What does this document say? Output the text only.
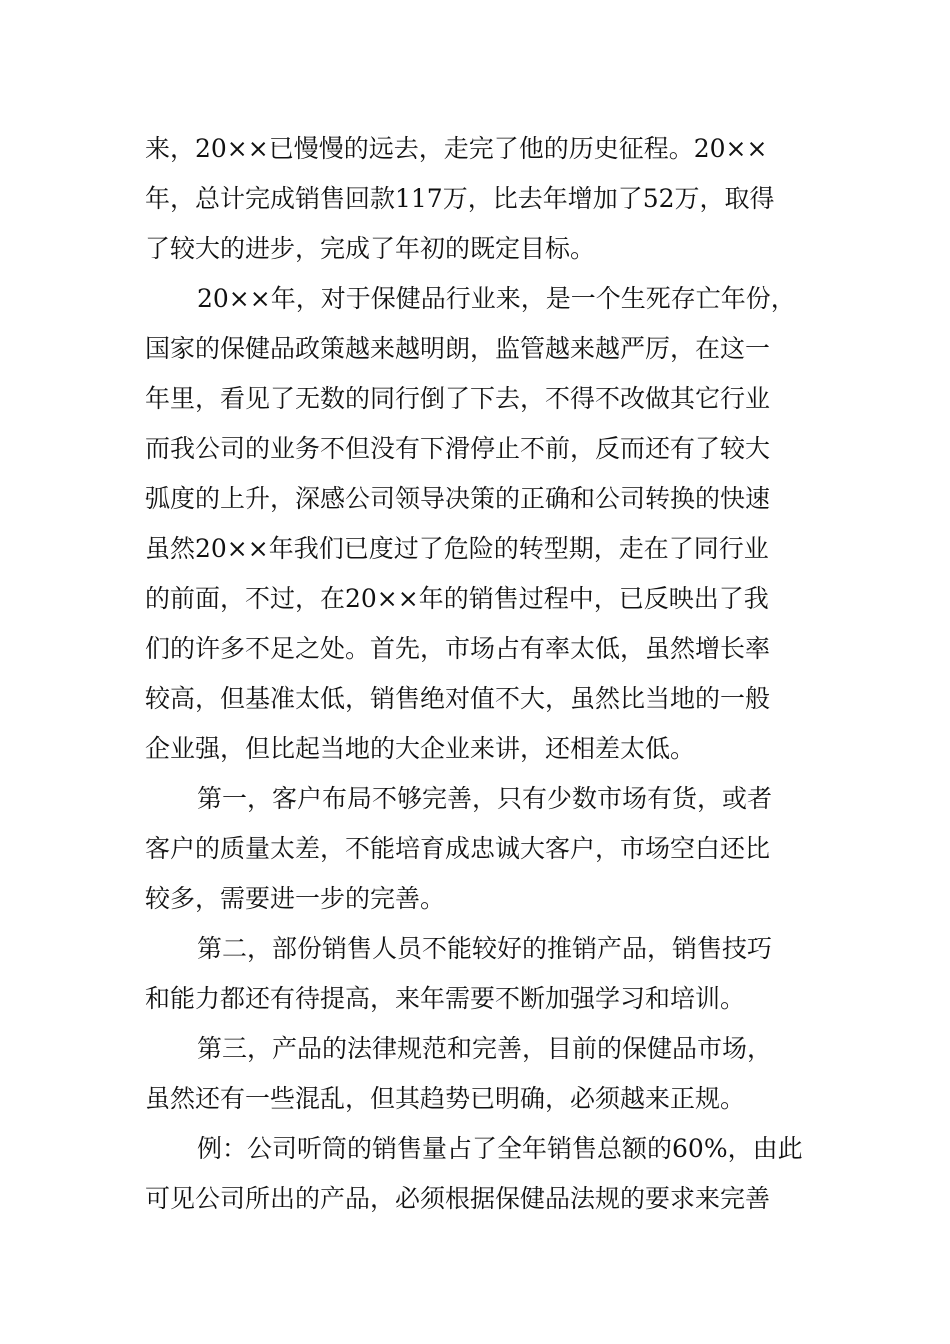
来，20××已慢慢的远去，走完了他的历史征程。20××
年，总计完成销售回款117万，比去年增加了52万，取得
了较大的进步，完成了年初的既定目标。
20××年，对于保健品行业来，是一个生死存亡年份，
国家的保健品政策越来越明朗，监管越来越严厉，在这一
年里，看见了无数的同行倒了下去，不得不改做其它行业
而我公司的业务不但没有下滑停止不前，反而还有了较大
弧度的上升，深感公司领导决策的正确和公司转换的快速
虽然20××年我们已度过了危险的转型期，走在了同行业
的前面，不过，在20××年的销售过程中，已反映出了我
们的许多不足之处。首先，市场占有率太低，虽然增长率
较高，但基准太低，销售绝对值不大，虽然比当地的一般
企业强，但比起当地的大企业来讲，还相差太低。
第一，客户布局不够完善，只有少数市场有货，或者
客户的质量太差，不能培育成忠诚大客户，市场空白还比
较多，需要进一步的完善。
第二，部份销售人员不能较好的推销产品，销售技巧
和能力都还有待提高，来年需要不断加强学习和培训。
第三，产品的法律规范和完善，目前的保健品市场，
虽然还有一些混乱，但其趋势已明确，必须越来正规。
例：公司听筒的销售量占了全年销售总额的60%，由此
可见公司所出的产品，必须根据保健品法规的要求来完善
